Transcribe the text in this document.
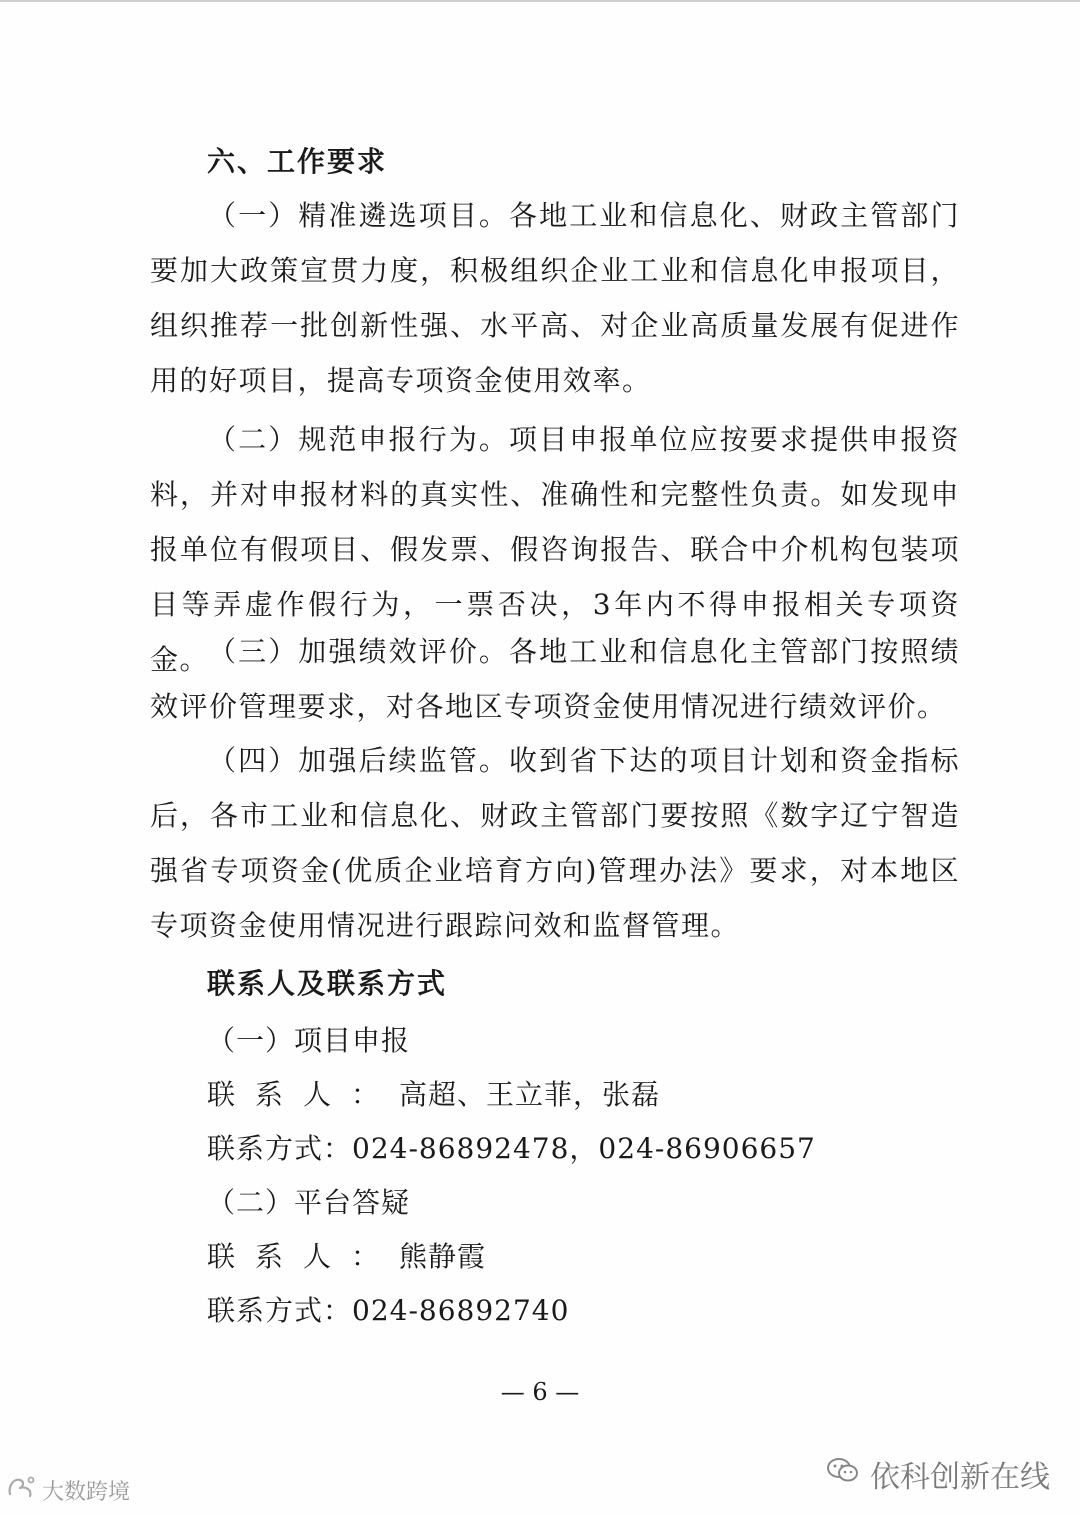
六、工作要求
（一）精准遴选项目。各地工业和信息化、财政主管部门要加大政策宣贯力度，积极组织企业工业和信息化申报项目，组织推荐一批创新性强、水平高、对企业高质量发展有促进作用的好项目，提高专项资金使用效率。
（二）规范申报行为。项目申报单位应按要求提供申报资料，并对申报材料的真实性、准确性和完整性负责。如发现申报单位有假项目、假发票、假咨询报告、联合中介机构包装项目等弄虚作假行为，一票否决，3年内不得申报相关专项资金。
（三）加强绩效评价。各地工业和信息化主管部门按照绩效评价管理要求，对各地区专项资金使用情况进行绩效评价。
（四）加强后续监管。收到省下达的项目计划和资金指标后，各市工业和信息化、财政主管部门要按照《数字辽宁智造强省专项资金(优质企业培育方向)管理办法》要求，对本地区专项资金使用情况进行跟踪问效和监督管理。
联系人及联系方式
（一）项目申报
联系人：高超、王立菲，张磊
联系方式：024-86892478，024-86906657
（二）平台答疑
联系人：熊静霞
联系方式：024-86892740
— 6 —
大数跨境	依科创新在线
